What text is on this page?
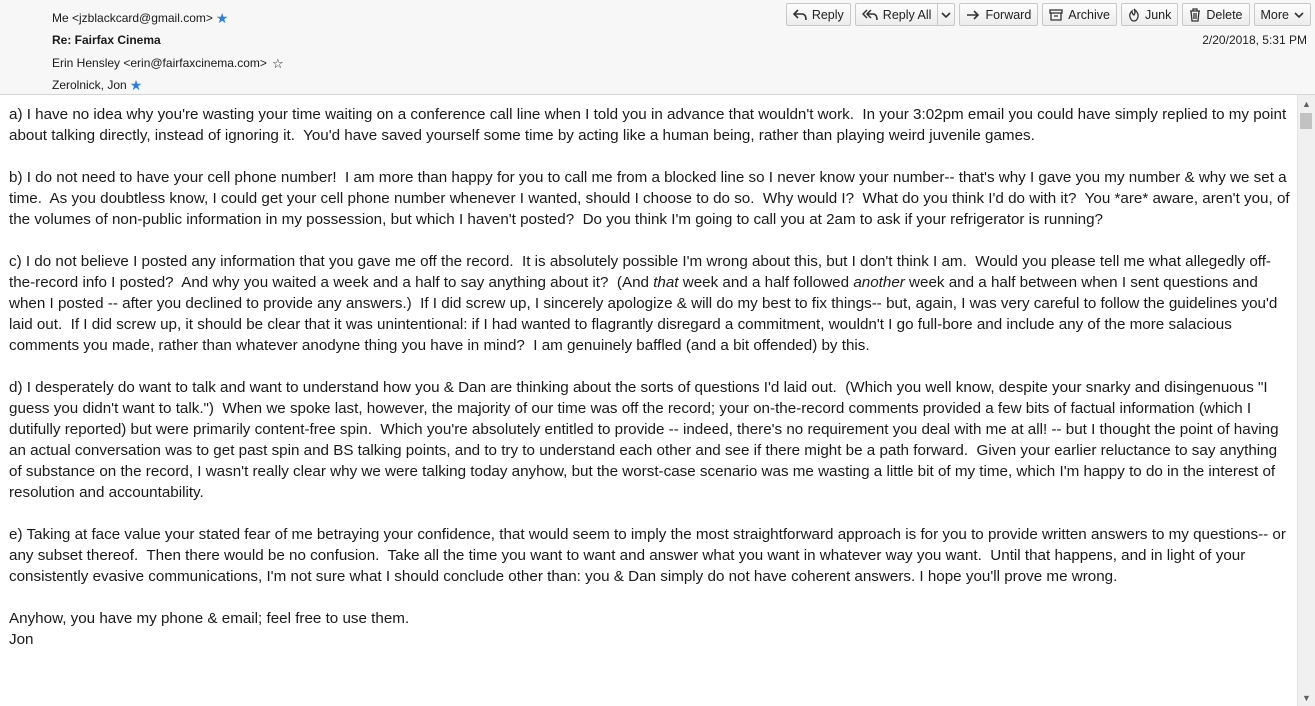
Me <jzblackcard@gmail.com> ★
Re: Fairfax Cinema
Erin Hensley <erin@fairfaxcinema.com> ☆
Zerolnick, Jon ★
Reply	Reply All	Forward	Archive	Junk	Delete More
2/20/2018, 5:31 PM

a) I have no idea why you're wasting your time waiting on a conference call line when I told you in advance that wouldn't work.  In your 3:02pm email you could have simply replied to my point about talking directly, instead of ignoring it.  You'd have saved yourself some time by acting like a human being, rather than playing weird juvenile games.

b) I do not need to have your cell phone number!  I am more than happy for you to call me from a blocked line so I never know your number-- that's why I gave you my number & why we set a time.  As you doubtless know, I could get your cell phone number whenever I wanted, should I choose to do so.  Why would I?  What do you think I'd do with it?  You *are* aware, aren't you, of the volumes of non-public information in my possession, but which I haven't posted?  Do you think I'm going to call you at 2am to ask if your refrigerator is running?

c) I do not believe I posted any information that you gave me off the record.  It is absolutely possible I'm wrong about this, but I don't think I am.  Would you please tell me what allegedly off-the-record info I posted?  And why you waited a week and a half to say anything about it?  (And that week and a half followed another week and a half between when I sent questions and when I posted -- after you declined to provide any answers.)  If I did screw up, I sincerely apologize & will do my best to fix things-- but, again, I was very careful to follow the guidelines you'd laid out.  If I did screw up, it should be clear that it was unintentional: if I had wanted to flagrantly disregard a commitment, wouldn't I go full-bore and include any of the more salacious comments you made, rather than whatever anodyne thing you have in mind?  I am genuinely baffled (and a bit offended) by this.

d) I desperately do want to talk and want to understand how you & Dan are thinking about the sorts of questions I'd laid out.  (Which you well know, despite your snarky and disingenuous "I guess you didn't want to talk.")  When we spoke last, however, the majority of our time was off the record; your on-the-record comments provided a few bits of factual information (which I dutifully reported) but were primarily content-free spin.  Which you're absolutely entitled to provide -- indeed, there's no requirement you deal with me at all! -- but I thought the point of having an actual conversation was to get past spin and BS talking points, and to try to understand each other and see if there might be a path forward.  Given your earlier reluctance to say anything of substance on the record, I wasn't really clear why we were talking today anyhow, but the worst-case scenario was me wasting a little bit of my time, which I'm happy to do in the interest of resolution and accountability.

e) Taking at face value your stated fear of me betraying your confidence, that would seem to imply the most straightforward approach is for you to provide written answers to my questions-- or any subset thereof.  Then there would be no confusion.  Take all the time you want to want and answer what you want in whatever way you want.  Until that happens, and in light of your consistently evasive communications, I'm not sure what I should conclude other than: you & Dan simply do not have coherent answers. I hope you'll prove me wrong.

Anyhow, you have my phone & email; feel free to use them.

Jon

▲
▼
